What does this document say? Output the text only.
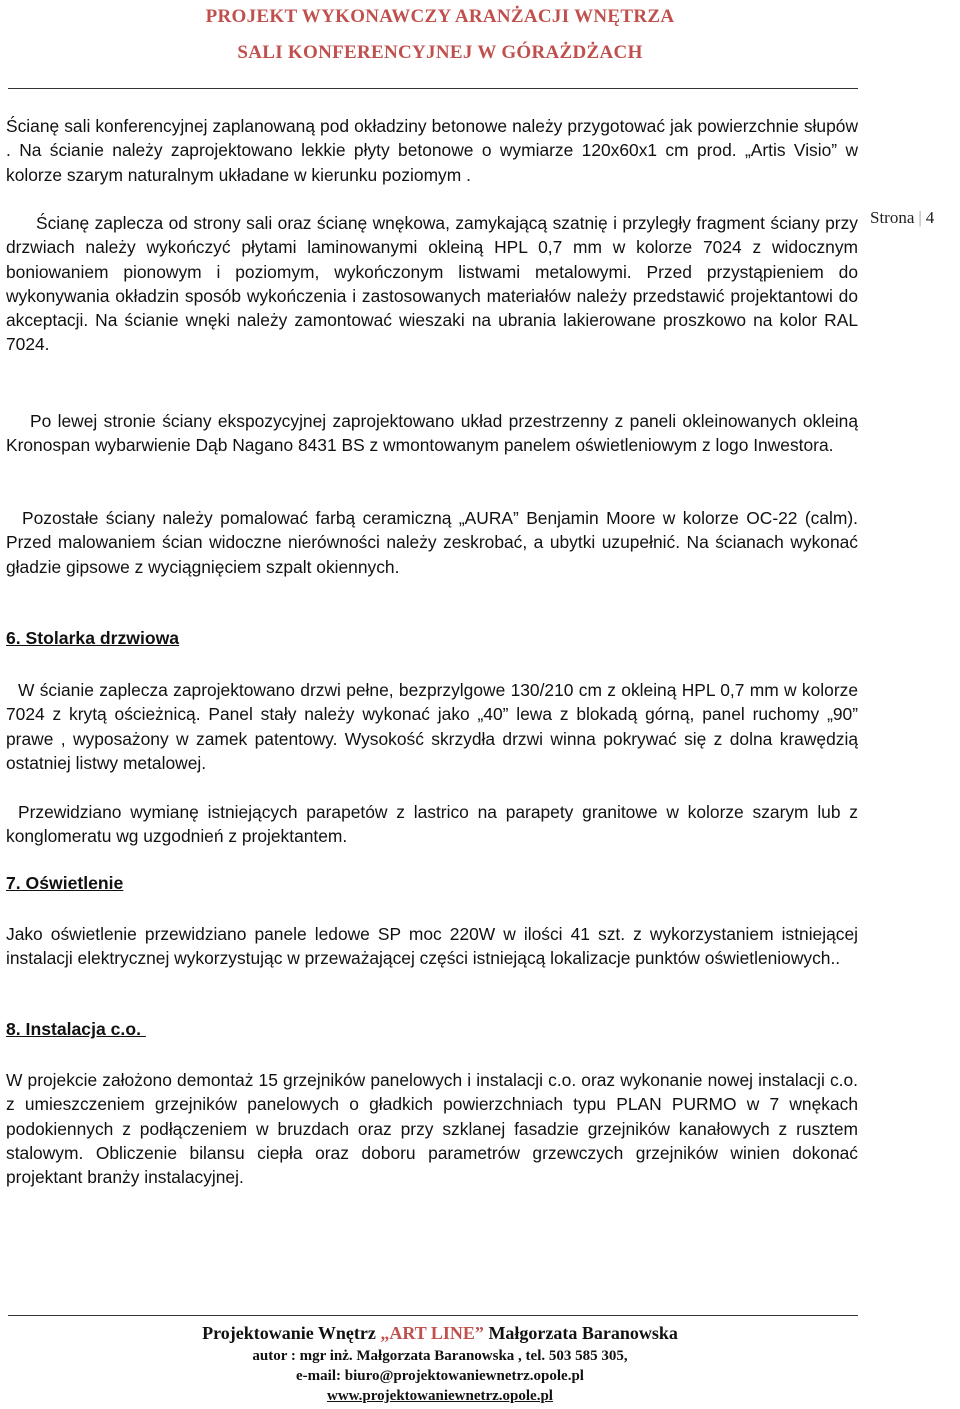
PROJEKT WYKONAWCZY ARANŻACJI WNĘTRZA
SALI KONFERENCYJNEJ W GÓRAŻDŻACH
Strona | 4

Ścianę sali konferencyjnej zaplanowaną pod okładziny betonowe należy przygotować jak powierzchnie słupów . Na ścianie należy zaprojektowano lekkie płyty betonowe o wymiarze 120x60x1 cm prod. „Artis Visio” w kolorze szarym naturalnym układane w kierunku poziomym .

Ścianę zaplecza od strony sali oraz ścianę wnękowa, zamykającą szatnię i przyległy fragment ściany przy drzwiach należy wykończyć płytami laminowanymi okleiną HPL 0,7 mm w kolorze 7024 z widocznym boniowaniem pionowym i poziomym, wykończonym listwami metalowymi. Przed przystąpieniem do wykonywania okładzin sposób wykończenia i zastosowanych materiałów należy przedstawić projektantowi do akceptacji. Na ścianie wnęki należy zamontować wieszaki na ubrania lakierowane proszkowo na kolor RAL 7024.

Po lewej stronie ściany ekspozycyjnej zaprojektowano układ przestrzenny z paneli okleinowanych okleiną Kronospan wybarwienie Dąb Nagano 8431 BS z wmontowanym panelem oświetleniowym z logo Inwestora.

Pozostałe ściany należy pomalować farbą ceramiczną „AURA” Benjamin Moore w kolorze OC-22 (calm). Przed malowaniem ścian widoczne nierówności należy zeskrobać, a ubytki uzupełnić. Na ścianach wykonać gładzie gipsowe z wyciągnięciem szpalt okiennych.

6. Stolarka drzwiowa

W ścianie zaplecza zaprojektowano drzwi pełne, bezprzylgowe 130/210 cm z okleiną HPL 0,7 mm w kolorze 7024 z krytą ościeżnicą. Panel stały należy wykonać jako „40” lewa z blokadą górną, panel ruchomy „90” prawe , wyposażony w zamek patentowy. Wysokość skrzydła drzwi winna pokrywać się z dolna krawędzią ostatniej listwy metalowej.

Przewidziano wymianę istniejących parapetów z lastrico na parapety granitowe w kolorze szarym lub z konglomeratu wg uzgodnień z projektantem.

7. Oświetlenie

Jako oświetlenie przewidziano panele ledowe SP moc 220W w ilości 41 szt. z wykorzystaniem istniejącej instalacji elektrycznej wykorzystując w przeważającej części istniejącą lokalizacje punktów oświetleniowych..

8. Instalacja c.o.

W projekcie założono demontaż 15 grzejników panelowych i instalacji c.o. oraz wykonanie nowej instalacji c.o. z umieszczeniem grzejników panelowych o gładkich powierzchniach typu PLAN PURMO w 7 wnękach podokiennych z podłączeniem w bruzdach oraz przy szklanej fasadzie grzejników kanałowych z rusztem stalowym. Obliczenie bilansu ciepła oraz doboru parametrów grzewczych grzejników winien dokonać projektant branży instalacyjnej.

Projektowanie Wnętrz „ART LINE” Małgorzata Baranowska
autor : mgr inż. Małgorzata Baranowska , tel. 503 585 305,
e-mail: biuro@projektowaniewnetrz.opole.pl
www.projektowaniewnetrz.opole.pl
